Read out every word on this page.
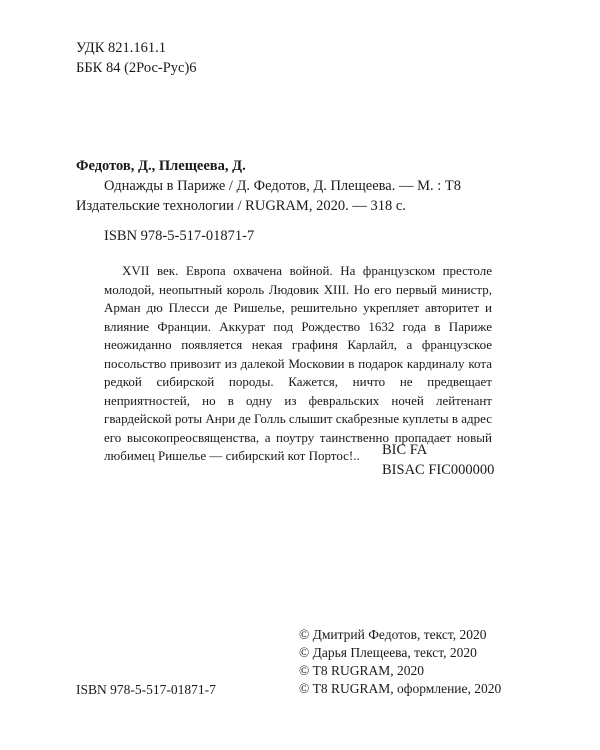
УДК 821.161.1
ББК 84 (2Рос-Рус)6
Федотов, Д., Плещеева, Д.
Однажды в Париже / Д. Федотов, Д. Плещеева. — М. : Т8
Издательские технологии / RUGRAM, 2020. — 318 с.
ISBN 978-5-517-01871-7

XVII век. Европа охвачена войной. На французском престоле молодой, неопытный король Людовик XIII. Но его первый министр, Арман дю Плесси де Ришелье, решительно укрепляет авторитет и влияние Франции. Аккурат под Рождество 1632 года в Париже неожиданно появляется некая графиня Карлайл, а французское посольство привозит из далекой Московии в подарок кардиналу кота редкой сибирской породы. Кажется, ничто не предвещает неприятностей, но в одну из февральских ночей лейтенант гвардейской роты Анри де Голль слышит скабрезные куплеты в адрес его высокопреосвященства, а поутру таинственно пропадает новый любимец Ришелье — сибирский кот Портос!..	BIC FA
BISAC FIC000000
© Дмитрий Федотов, текст, 2020
© Дарья Плещеева, текст, 2020
© Т8 RUGRAM, 2020
© Т8 RUGRAM, оформление, 2020
ISBN 978-5-517-01871-7
